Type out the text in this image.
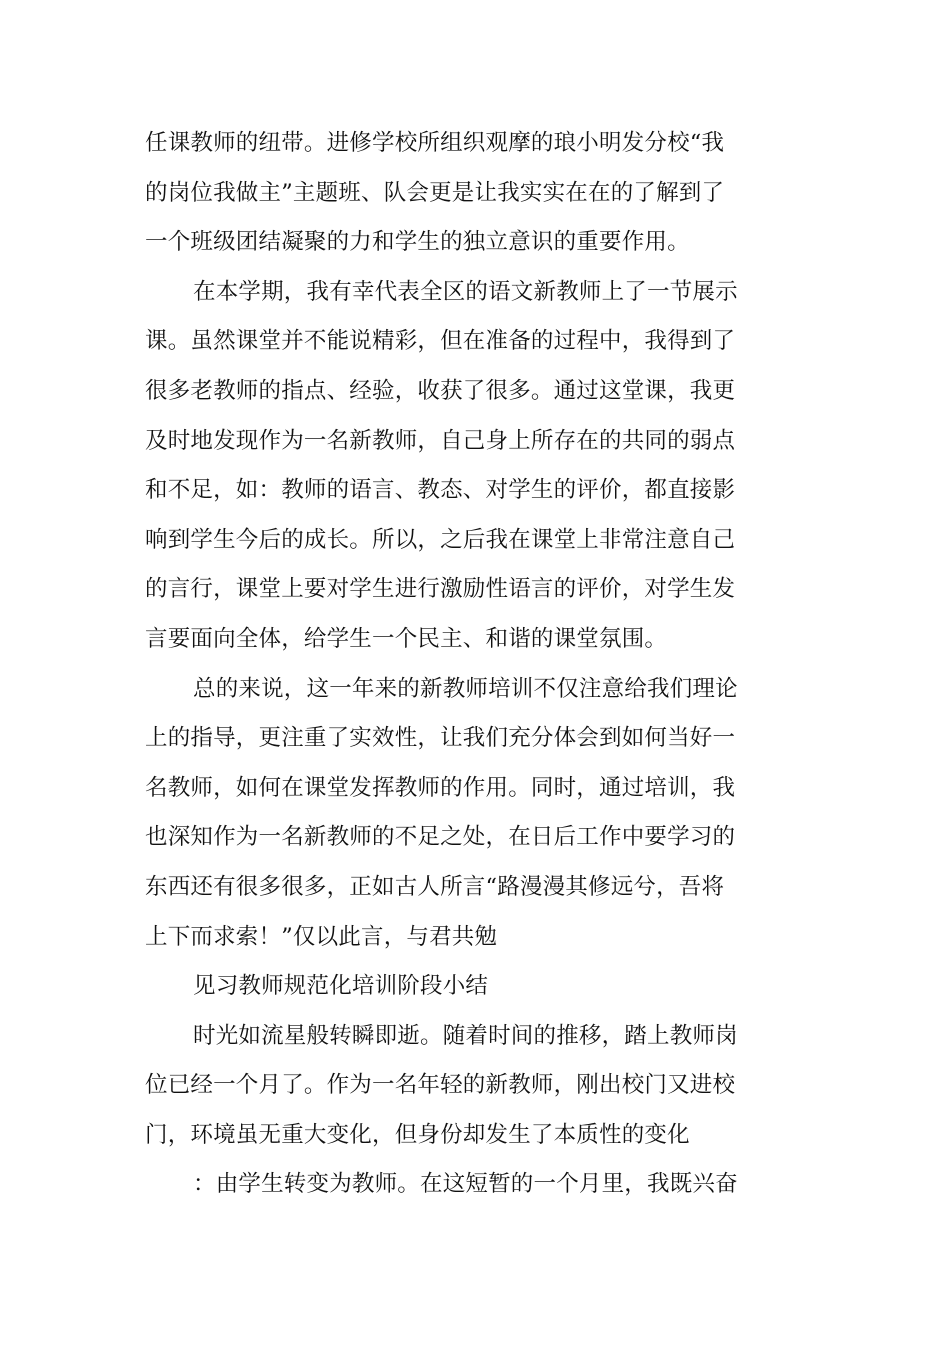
任课教师的纽带。进修学校所组织观摩的琅小明发分校“我
的岗位我做主”主题班、队会更是让我实实在在的了解到了
一个班级团结凝聚的力和学生的独立意识的重要作用。
在本学期，我有幸代表全区的语文新教师上了一节展示
课。虽然课堂并不能说精彩，但在准备的过程中，我得到了
很多老教师的指点、经验，收获了很多。通过这堂课，我更
及时地发现作为一名新教师，自己身上所存在的共同的弱点
和不足，如：教师的语言、教态、对学生的评价，都直接影
响到学生今后的成长。所以，之后我在课堂上非常注意自己
的言行，课堂上要对学生进行激励性语言的评价，对学生发
言要面向全体，给学生一个民主、和谐的课堂氛围。
总的来说，这一年来的新教师培训不仅注意给我们理论
上的指导，更注重了实效性，让我们充分体会到如何当好一
名教师，如何在课堂发挥教师的作用。同时，通过培训，我
也深知作为一名新教师的不足之处，在日后工作中要学习的
东西还有很多很多，正如古人所言“路漫漫其修远兮，吾将
上下而求索！”仅以此言，与君共勉
见习教师规范化培训阶段小结
时光如流星般转瞬即逝。随着时间的推移，踏上教师岗
位已经一个月了。作为一名年轻的新教师，刚出校门又进校
门，环境虽无重大变化，但身份却发生了本质性的变化
：由学生转变为教师。在这短暂的一个月里，我既兴奋
